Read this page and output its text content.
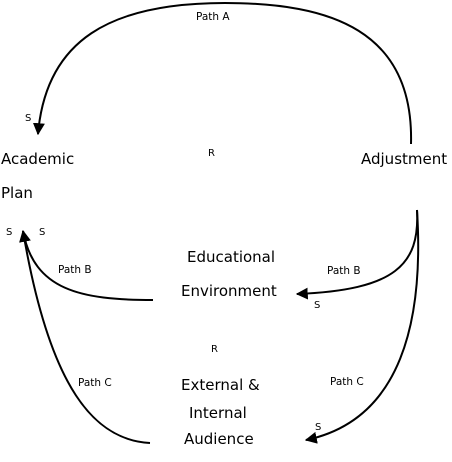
Academic
Plan
Adjustment
Educational
Environment
External &
Internal
Audience
R
R
Path A
Path B	Path B
Path C	Path C
S
S	S
S
S
